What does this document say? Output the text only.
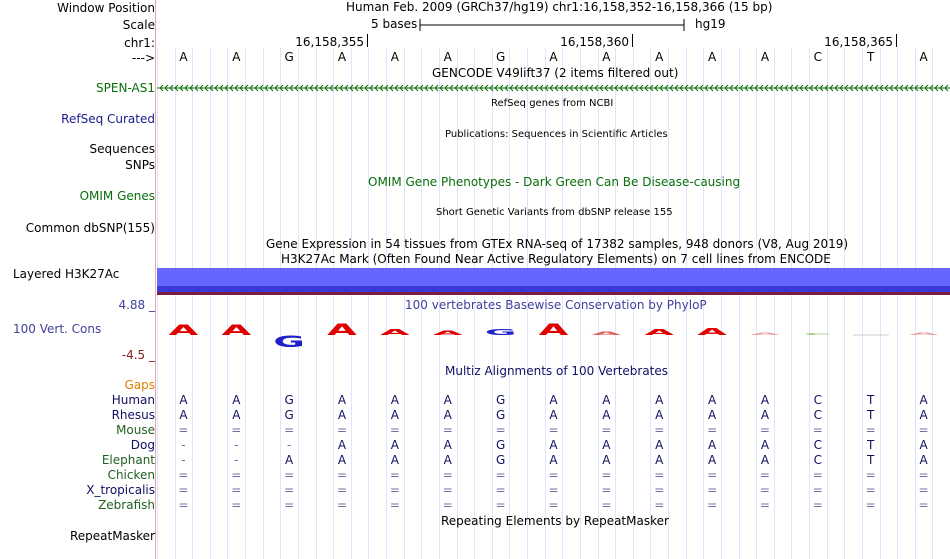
Window Position
Scale
chr1:
--->
SPEN-AS1
RefSeq Curated
Sequences
SNPs
OMIM Genes
Common dbSNP(155)
Layered H3K27Ac
4.88 _
100 Vert. Cons
-4.5 _
Gaps
Human
Rhesus
Mouse
Dog
Elephant
Chicken
X_tropicalis
Zebrafish
RepeatMasker
Human Feb. 2009 (GRCh37/hg19) chr1:16,158,352-16,158,366 (15 bp)
5 bases	hg19
16,158,355	16,158,360	16,158,365
A	A	G	A	A	A	G	A	A	A	A	A	C	T	A
GENCODE V49lift37 (2 items filtered out)
RefSeq genes from NCBI
Publications: Sequences in Scientific Articles
OMIM Gene Phenotypes - Dark Green Can Be Disease-causing
Short Genetic Variants from dbSNP release 155
Gene Expression in 54 tissues from GTEx RNA-seq of 17382 samples, 948 donors (V8, Aug 2019)
H3K27Ac Mark (Often Found Near Active Regulatory Elements) on 7 cell lines from ENCODE
100 vertebrates Basewise Conservation by PhyloP
A A
G
A A A G A A A A A C	A
Multiz Alignments of 100 Vertebrates
A	A	G	A	A	A	G	A	A	A	A	A	C	T	A
A	A	G	A	A	A	G	A	A	A	A	A	C	T	A
=	=	=	=	=	=	=	=	=	=	=	=	=	=	=
-	-	-	A	A	A	G	A	A	A	A	A	C	T	A
-	-	A	A	A	A	G	A	A	A	A	A	C	T	A
=	=	=	=	=	=	=	=	=	=	=	=	=	=	=
=	=	=	=	=	=	=	=	=	=	=	=	=	=	=
=	=	=	=	=	=	=	=	=	=	=	=	=	=	=
Repeating Elements by RepeatMasker
